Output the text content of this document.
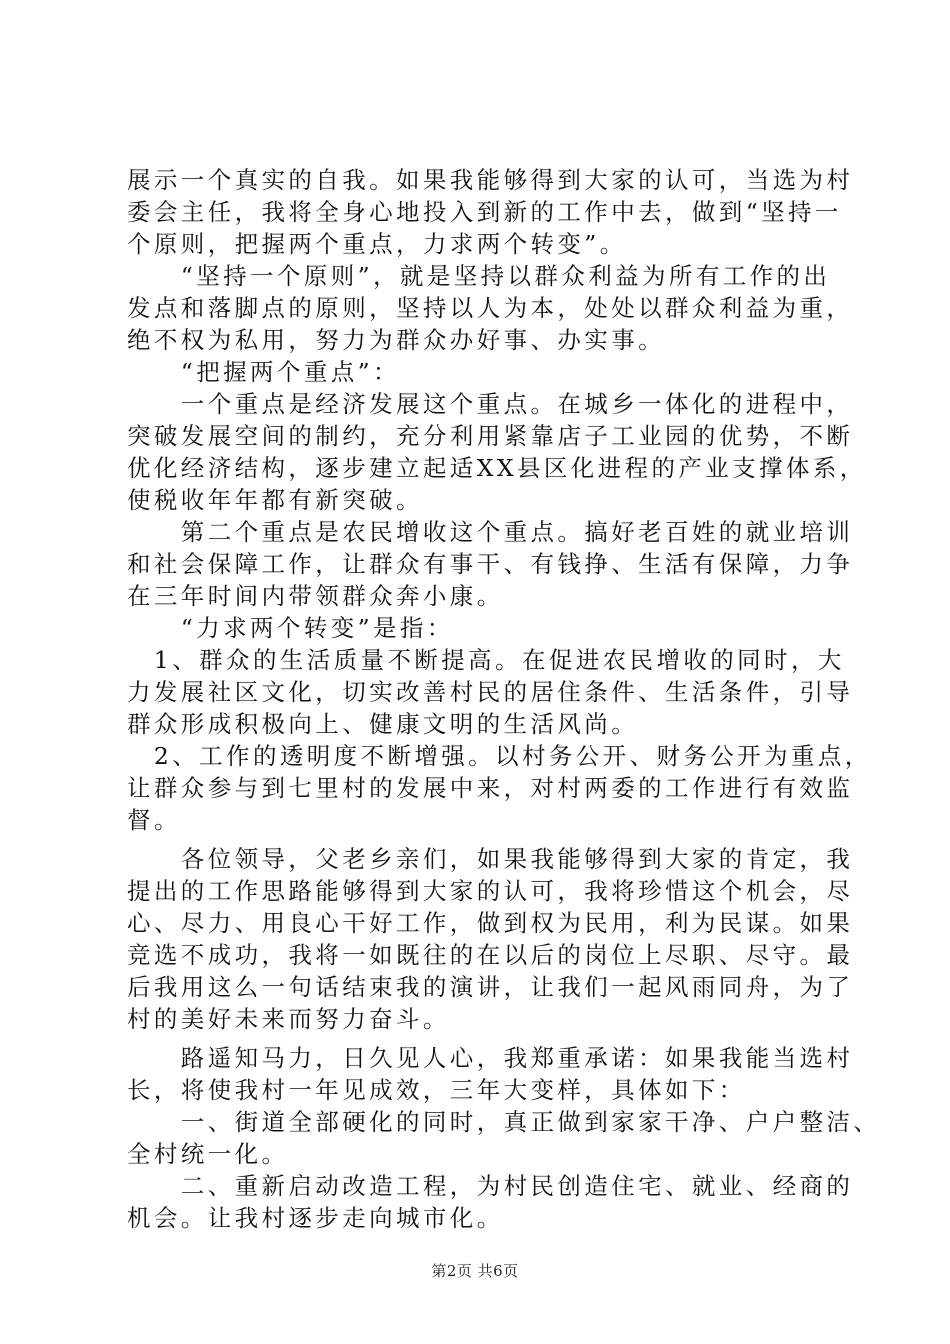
展示一个真实的自我。如果我能够得到大家的认可，当选为村

委会主任，我将全身心地投入到新的工作中去，做到“坚持一

个原则，把握两个重点，力求两个转变”。

　　“坚持一个原则”，就是坚持以群众利益为所有工作的出

发点和落脚点的原则，坚持以人为本，处处以群众利益为重，

绝不权为私用，努力为群众办好事、办实事。

　　“把握两个重点”：

　　一个重点是经济发展这个重点。在城乡一体化的进程中，

突破发展空间的制约，充分利用紧靠店子工业园的优势，不断

优化经济结构，逐步建立起适XX县区化进程的产业支撑体系，

使税收年年都有新突破。

　　第二个重点是农民增收这个重点。搞好老百姓的就业培训

和社会保障工作，让群众有事干、有钱挣、生活有保障，力争

在三年时间内带领群众奔小康。

　　“力求两个转变”是指：

　1、群众的生活质量不断提高。在促进农民增收的同时，大

力发展社区文化，切实改善村民的居住条件、生活条件，引导

群众形成积极向上、健康文明的生活风尚。

　2、工作的透明度不断增强。以村务公开、财务公开为重点，

让群众参与到七里村的发展中来，对村两委的工作进行有效监

督。

　　各位领导，父老乡亲们，如果我能够得到大家的肯定，我

提出的工作思路能够得到大家的认可，我将珍惜这个机会，尽

心、尽力、用良心干好工作，做到权为民用，利为民谋。如果

竞选不成功，我将一如既往的在以后的岗位上尽职、尽守。最

后我用这么一句话结束我的演讲，让我们一起风雨同舟，为了

村的美好未来而努力奋斗。

　　路遥知马力，日久见人心，我郑重承诺：如果我能当选村

长，将使我村一年见成效，三年大变样，具体如下：

　　一、街道全部硬化的同时，真正做到家家干净、户户整洁、

全村统一化。

　　二、重新启动改造工程，为村民创造住宅、就业、经商的

机会。让我村逐步走向城市化。

第2页 共6页
